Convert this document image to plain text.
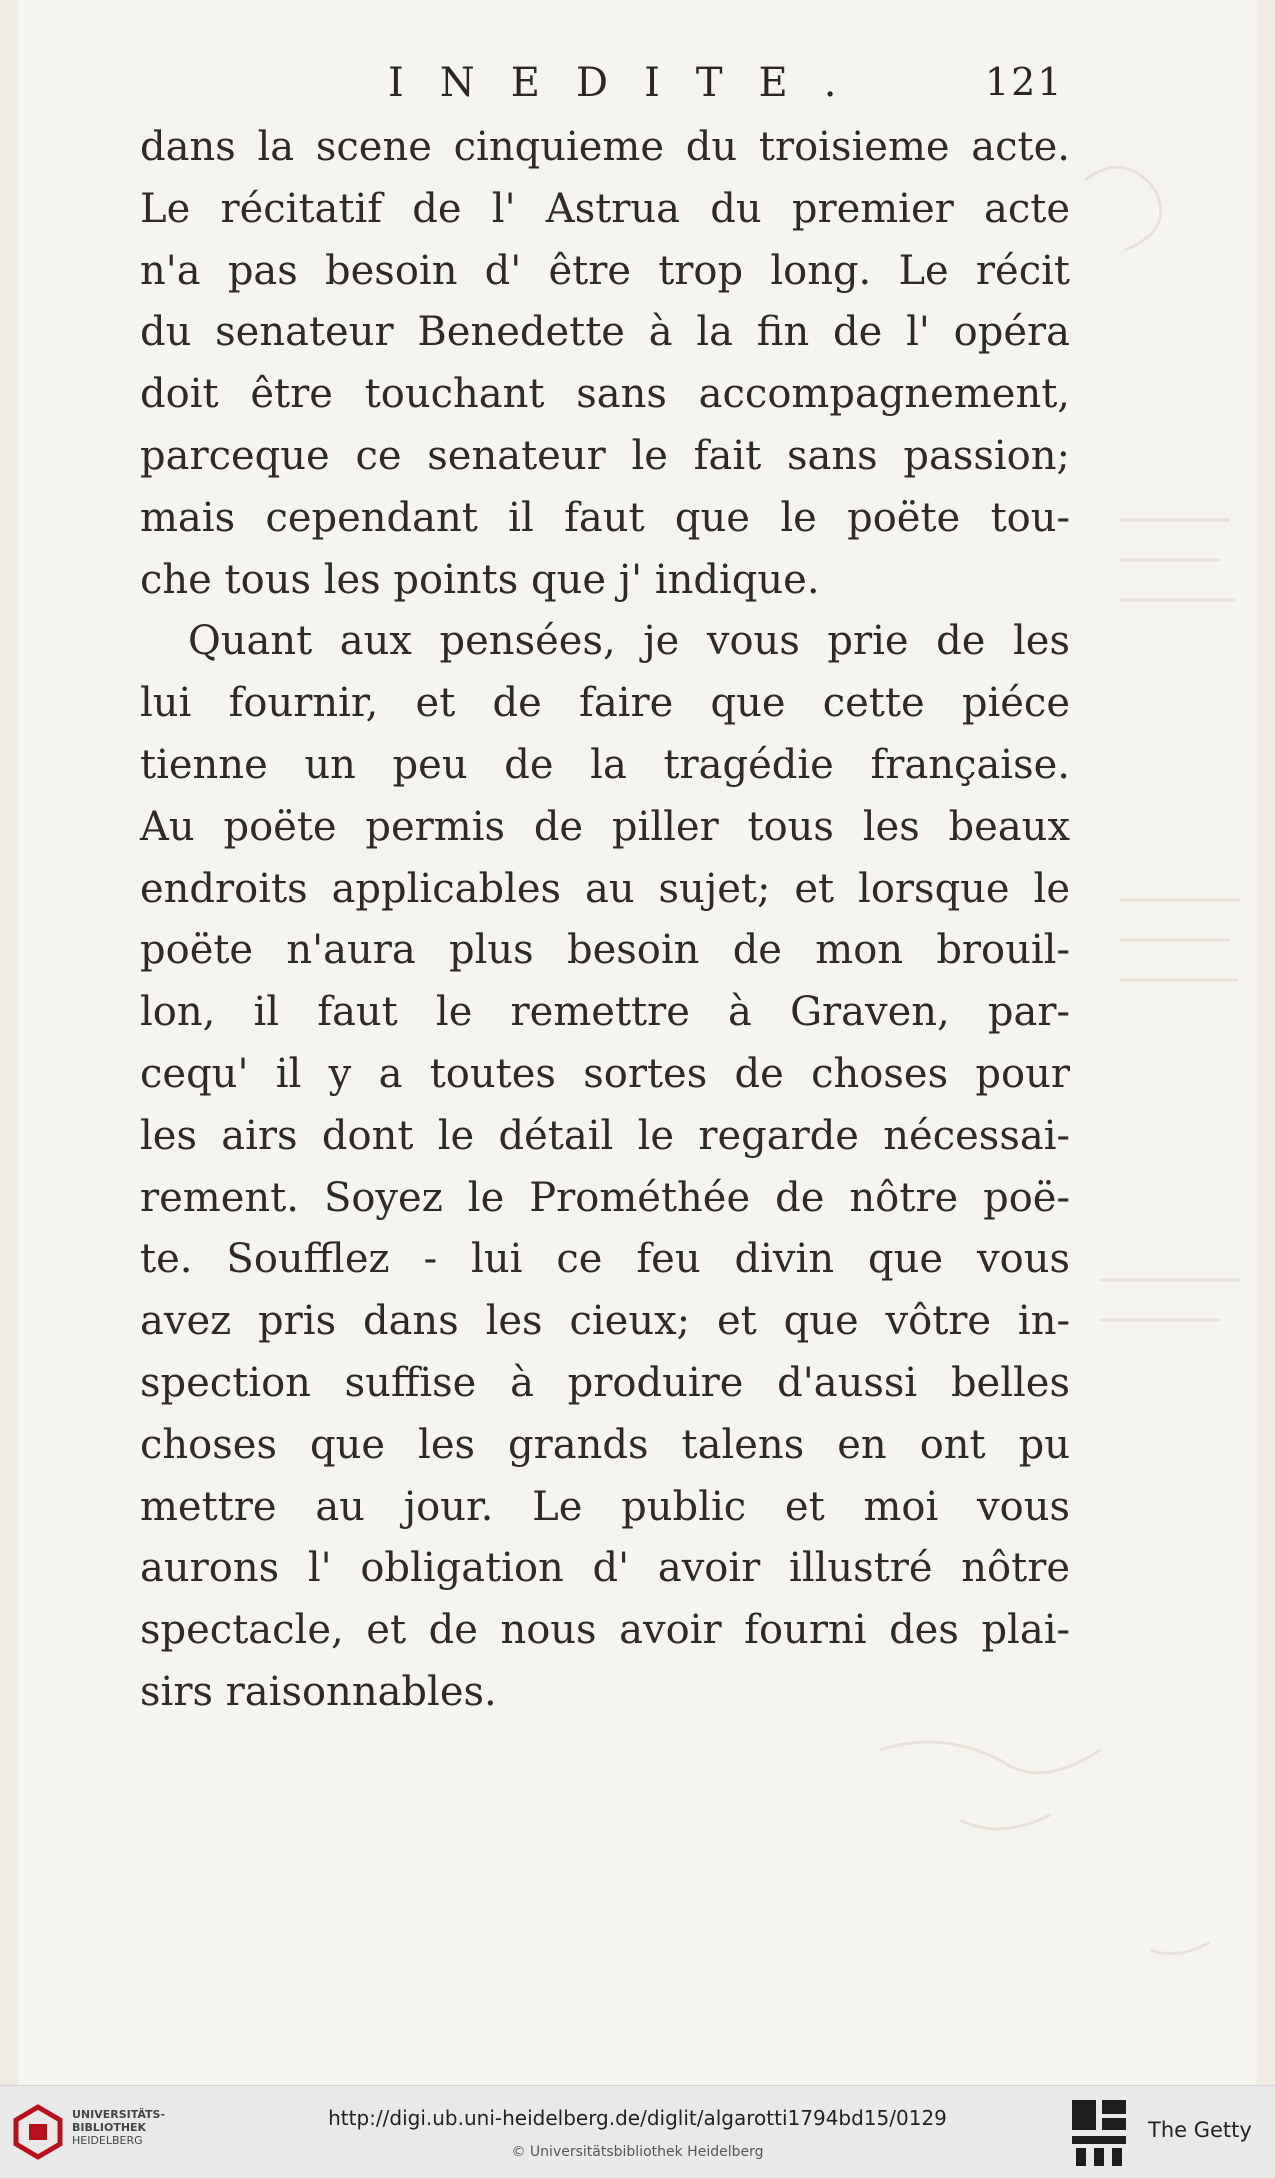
INEDITE.	121
dans la scene cinquieme du troisieme acte.
Le récitatif de l' Astrua du premier acte
n'a pas besoin d' être trop long. Le récit
du senateur Benedette à la fin de l' opéra
doit être touchant sans accompagnement,
parceque ce senateur le fait sans passion;
mais cependant il faut que le poëte tou-
che tous les points que j' indique.
Quant aux pensées, je vous prie de les
lui fournir, et de faire que cette piéce
tienne un peu de la tragédie française.
Au poëte permis de piller tous les beaux
endroits applicables au sujet; et lorsque le
poëte n'aura plus besoin de mon brouil-
lon, il faut le remettre à Graven, par-
cequ' il y a toutes sortes de choses pour
les airs dont le détail le regarde nécessai-
rement. Soyez le Prométhée de nôtre poë-
te. Soufflez - lui ce feu divin que vous
avez pris dans les cieux; et que vôtre in-
spection suffise à produire d'aussi belles
choses que les grands talens en ont pu
mettre au jour. Le public et moi vous
aurons l' obligation d' avoir illustré nôtre
spectacle, et de nous avoir fourni des plai-
sirs raisonnables.
UNIVERSITÄTS-
BIBLIOTHEK
HEIDELBERG
http://digi.ub.uni-heidelberg.de/diglit/algarotti1794bd15/0129
© Universitätsbibliothek Heidelberg
The Getty
